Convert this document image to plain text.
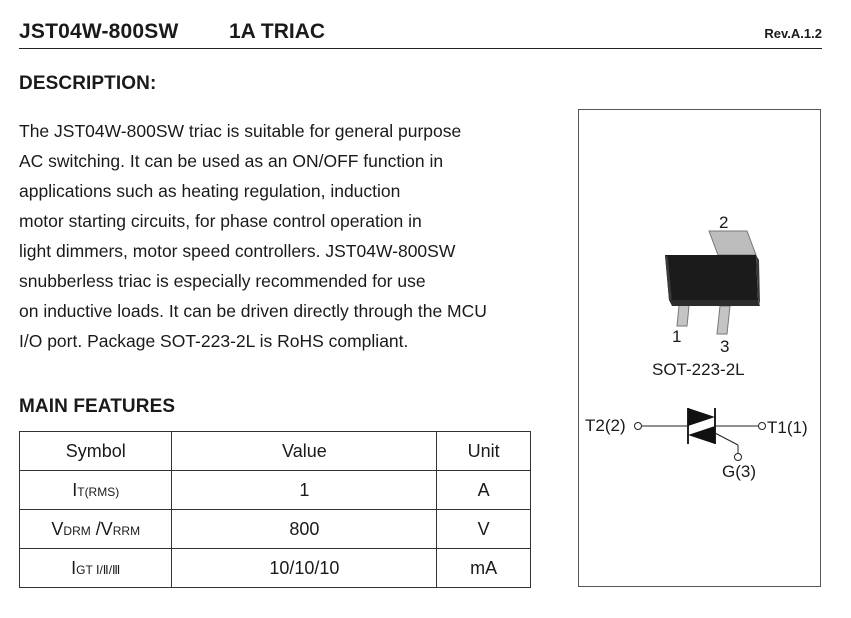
JST04W-800SW 1A TRIAC	Rev.A.1.2
DESCRIPTION:
The JST04W-800SW triac is suitable for general purpose
AC switching. It can be used as an ON/OFF function in
applications such as heating regulation, induction
motor starting circuits, for phase control operation in
light dimmers, motor speed controllers. JST04W-800SW
snubberless triac is especially recommended for use
on inductive loads. It can be driven directly through the MCU
I/O port. Package SOT-223-2L is RoHS compliant.
MAIN FEATURES
Symbol	Value	Unit
IT(RMS)	1	A
VDRM /VRRM	800	V
IGT Ⅰ/Ⅱ/Ⅲ	10/10/10	mA
2
1
3
SOT-223-2L
T2(2)	T1(1)
G(3)
